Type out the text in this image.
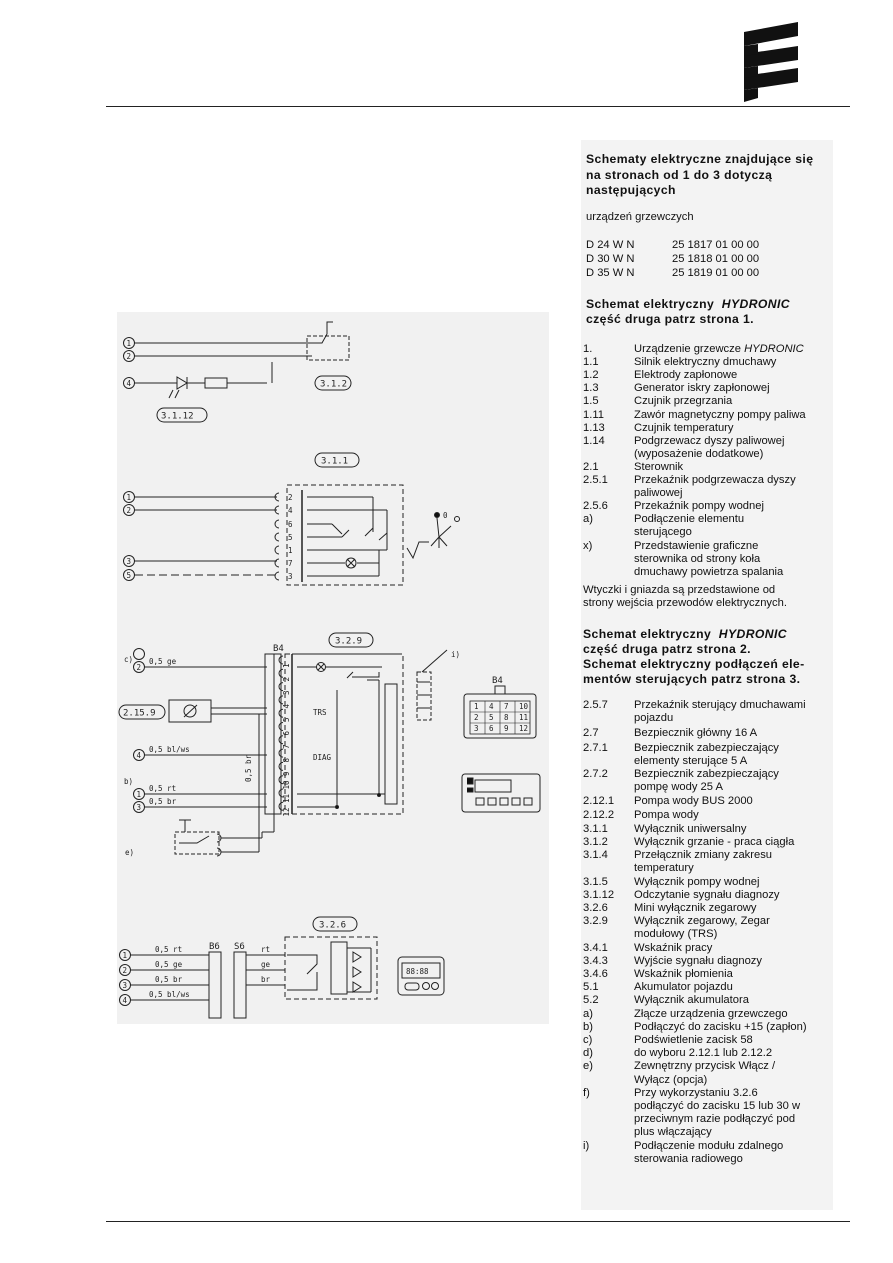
1
2
4	3.1.2
3.1.12
3.1.1
1
2
3
5
2
4
6
5
1
7
3
0
3.2.9
B4
B4
i)
c)
2
0,5 ge
4
0,5 bl/ws
b)
1
0,5 rt
3
0,5 br
2.15.9	TRS
DIAG
0,5 br
e)
1
2
3
4
5
6
7
8
9
10
11
12
1 4 7 10
2 5 8 11
3 6 9 12
3.2.6
B6 S6
1
2
3
4
0,5 rt
0,5 ge
0,5 br
0,5 bl/ws
rt
ge
br
88:88
Schematy elektryczne znajdujące się
na stronach od 1 do 3 dotyczą
następujących
urządzeń grzewczych
D 24 W N	25 1817 01 00 00
D 30 W N	25 1818 01 00 00
D 35 W N	25 1819 01 00 00
Schemat elektryczny HYDRONIC
część druga patrz strona 1.
1.	Urządzenie grzewcze HYDRONIC
1.1	Silnik elektryczny dmuchawy
1.2	Elektrody zapłonowe
1.3	Generator iskry zapłonowej
1.5	Czujnik przegrzania
1.11	Zawór magnetyczny pompy paliwa
1.13	Czujnik temperatury
1.14	Podgrzewacz dyszy paliwowej
(wyposażenie dodatkowe)
2.1	Sterownik
2.5.1 Przekaźnik podgrzewacza dyszy
paliwowej
2.5.6 Przekaźnik pompy wodnej
a)	Podłączenie elementu
sterującego
x)	Przedstawienie graficzne
sterownika od strony koła
dmuchawy powietrza spalania
Wtyczki i gniazda są przedstawione od
strony wejścia przewodów elektrycznych.
Schemat elektryczny HYDRONIC
część druga patrz strona 2.
Schemat elektryczny podłączeń ele-
mentów sterujących patrz strona 3.
2.5.7 Przekaźnik sterujący dmuchawami
pojazdu
2.7	Bezpiecznik główny 16 A
2.7.1 Bezpiecznik zabezpieczający
elementy sterujące 5 A
2.7.2 Bezpiecznik zabezpieczający
pompę wody 25 A
2.12.1 Pompa wody BUS 2000
2.12.2 Pompa wody
3.1.1 Wyłącznik uniwersalny
3.1.2 Wyłącznik grzanie - praca ciągła
3.1.4 Przełącznik zmiany zakresu
temperatury
3.1.5 Wyłącznik pompy wodnej
3.1.12 Odczytanie sygnału diagnozy
3.2.6 Mini wyłącznik zegarowy
3.2.9 Wyłącznik zegarowy, Zegar
modułowy (TRS)
3.4.1 Wskaźnik pracy
3.4.3 Wyjście sygnału diagnozy
3.4.6 Wskaźnik płomienia
5.1	Akumulator pojazdu
5.2	Wyłącznik akumulatora
a)	Złącze urządzenia grzewczego
b)	Podłączyć do zacisku +15 (zapłon)
c)	Podświetlenie zacisk 58
d)	do wyboru 2.12.1 lub 2.12.2
e)	Zewnętrzny przycisk Włącz /
Wyłącz (opcja)
f)	Przy wykorzystaniu 3.2.6
podłączyć do zacisku 15 lub 30 w
przeciwnym razie podłączyć pod
plus włączający
i)	Podłączenie modułu zdalnego
sterowania radiowego
